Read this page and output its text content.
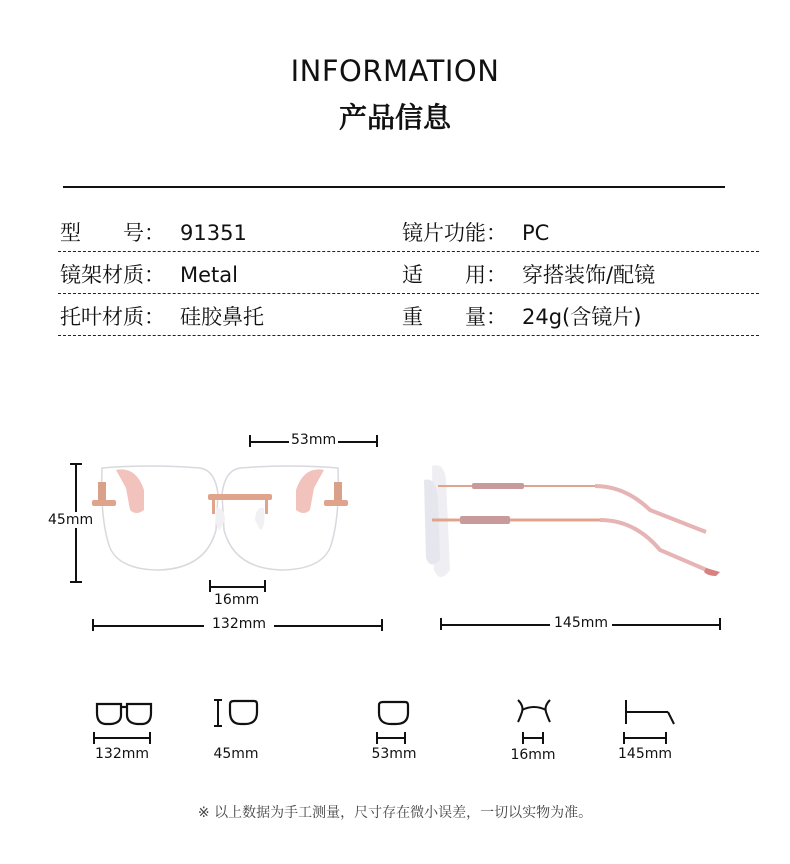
INFORMATION
产品信息
型　　号： 91351	镜片功能： PC
镜架材质： Metal	适　　用： 穿搭装饰/配镜
托叶材质： 硅胶鼻托	重　　量： 24g(含镜片)
53mm
45mm
16mm
132mm	145mm
132mm	45mm	53mm	16mm	145mm
※ 以上数据为手工测量，尺寸存在微小误差，一切以实物为准。
